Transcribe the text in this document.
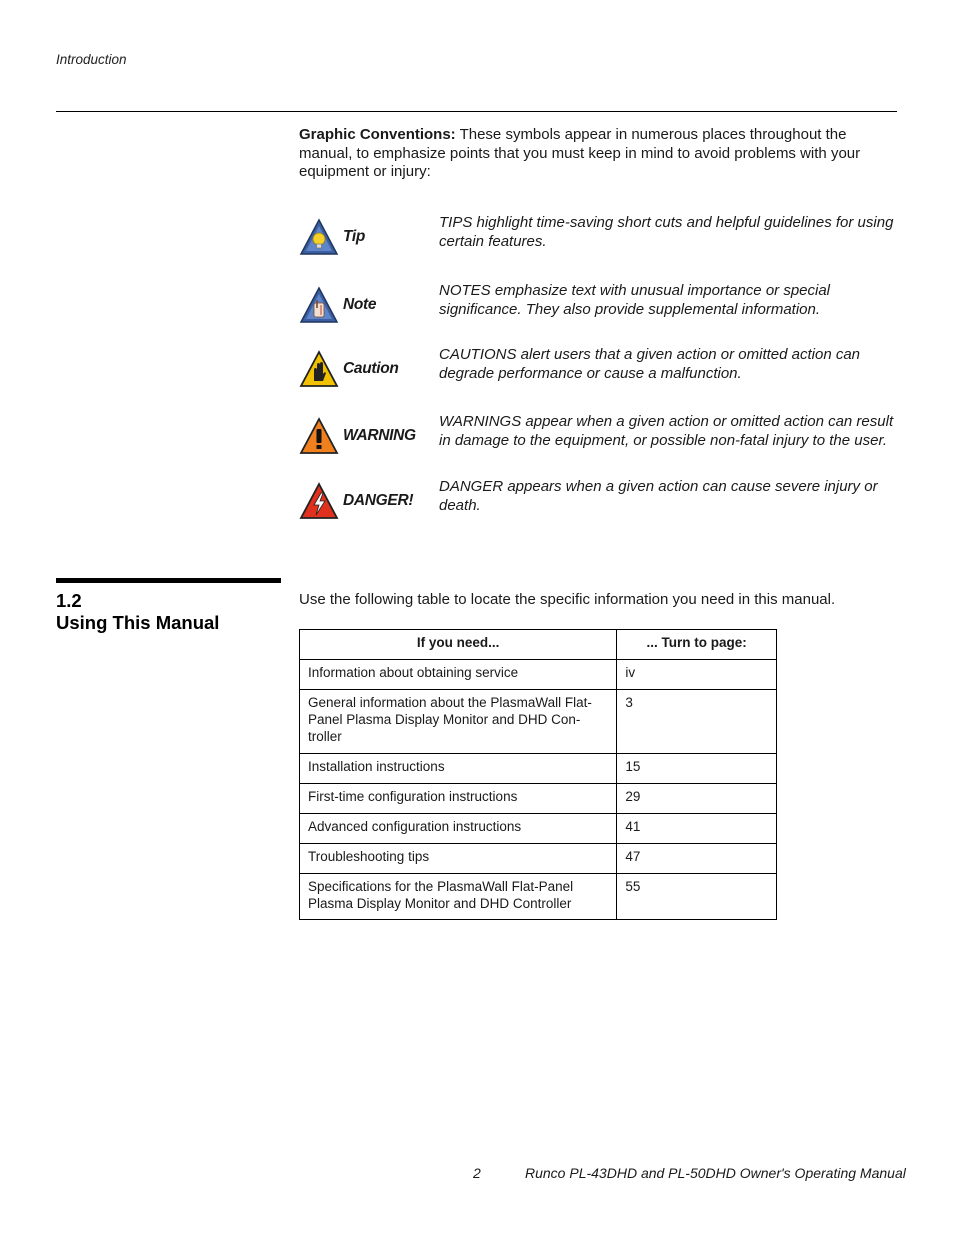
Introduction

Graphic Conventions: These symbols appear in numerous places throughout the manual, to emphasize points that you must keep in mind to avoid problems with your equipment or injury:

Tip

TIPS highlight time-saving short cuts and helpful guidelines for using certain features.

Note

NOTES emphasize text with unusual importance or special significance. They also provide supplemental information.

Caution

CAUTIONS alert users that a given action or omitted action can degrade performance or cause a malfunction.

WARNING

WARNINGS appear when a given action or omitted action can result in damage to the equipment, or possible non-fatal injury to the user.

DANGER!

DANGER appears when a given action can cause severe injury or death.

1.2
Using This Manual

Use the following table to locate the specific information you need in this manual.

If you need...	... Turn to page:
Information about obtaining service	iv
General information about the PlasmaWall Flat-Panel Plasma Display Monitor and DHD Con-troller	3
Installation instructions	15
First-time configuration instructions	29
Advanced configuration instructions	41
Troubleshooting tips	47
Specifications for the PlasmaWall Flat-Panel Plasma Display Monitor and DHD Controller	55
2	Runco PL-43DHD and PL-50DHD Owner's Operating Manual
